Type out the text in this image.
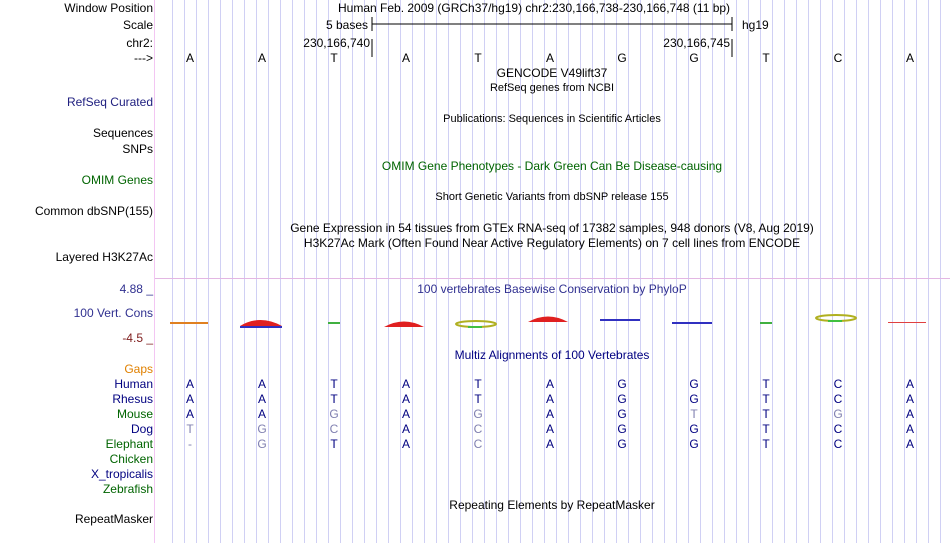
Window Position	Human Feb. 2009 (GRCh37/hg19) chr2:230,166,738-230,166,748 (11 bp)
Scale	5 bases	hg19
chr2:	230,166,740	230,166,745
--->	A	A	T	A	T	A	G	G	T	C	A
GENCODE V49lift37
RefSeq genes from NCBI
RefSeq Curated
Publications: Sequences in Scientific Articles
Sequences
SNPs
OMIM Gene Phenotypes - Dark Green Can Be Disease-causing
OMIM Genes
Short Genetic Variants from dbSNP release 155
Common dbSNP(155)
Gene Expression in 54 tissues from GTEx RNA-seq of 17382 samples, 948 donors (V8, Aug 2019)
H3K27Ac Mark (Often Found Near Active Regulatory Elements) on 7 cell lines from ENCODE
Layered H3K27Ac
4.88 _	100 vertebrates Basewise Conservation by PhyloP
100 Vert. Cons
-4.5 _
Multiz Alignments of 100 Vertebrates
Gaps
Human	A	A	T	A	T	A	G	G	T	C	A
Rhesus	A	A	T	A	T	A	G	G	T	C	A
Mouse	A	A	G	A	G	A	G	T	T	G	A
Dog	T	G	C	A	C	A	G	G	T	C	A
Elephant	-	G	T	A	C	A	G	G	T	C	A
Chicken
X_tropicalis
Zebrafish
Repeating Elements by RepeatMasker
RepeatMasker
